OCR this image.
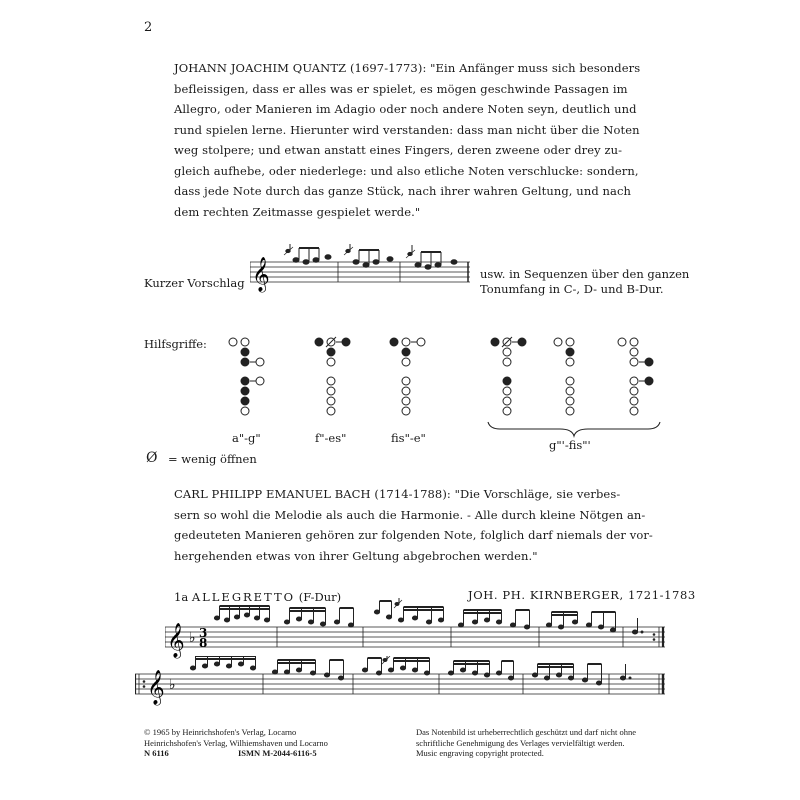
2

JOHANN JOACHIM QUANTZ (1697-1773): "Ein Anfänger muss sich besonders

befleissigen, dass er alles was er spielet, es mögen geschwinde Passagen im

Allegro, oder Manieren im Adagio oder noch andere Noten seyn, deutlich und

rund spielen lerne. Hierunter wird verstanden: dass man nicht über die Noten

weg stolpere; und etwan anstatt eines Fingers, deren zweene oder drey zu-

gleich aufhebe, oder niederlege: und also etliche Noten verschlucke: sondern,

dass jede Note durch das ganze Stück, nach ihrer wahren Geltung, und nach

dem rechten Zeitmasse gespielet werde."

Kurzer Vorschlag 𝄞	usw. in Sequenzen über den ganzen
Tonumfang in C-, D- und B-Dur.
Hilfsgriffe:
a"-g"	f"-es"	fis"-e"	g"'-fis"'
Ø = wenig öffnen

CARL PHILIPP EMANUEL BACH (1714-1788): "Die Vorschläge, sie verbes-

sern so wohl die Melodie als auch die Harmonie. - Alle durch kleine Nötgen an-

gedeuteten Manieren gehören zur folgenden Note, folglich darf niemals der vor-

hergehenden etwas von ihrer Geltung abgebrochen werden."

1a ALLEGRETTO (F-Dur)	JOH. PH. KIRNBERGER, 1721-1783
𝄞 ♭ 3
8
𝄞 ♭

© 1965 by Heinrichshofen's Verlag, Locarno

Heinrichshofen's Verlag, Wilhiemshaven und Locarno

N 6116	ISMN M-2044-6116-5

Das Notenbild ist urheberrechtlich geschützt und darf nicht ohne

schriftliche Genehmigung des Verlages vervielfältigt werden.

Music engraving copyright protected.
